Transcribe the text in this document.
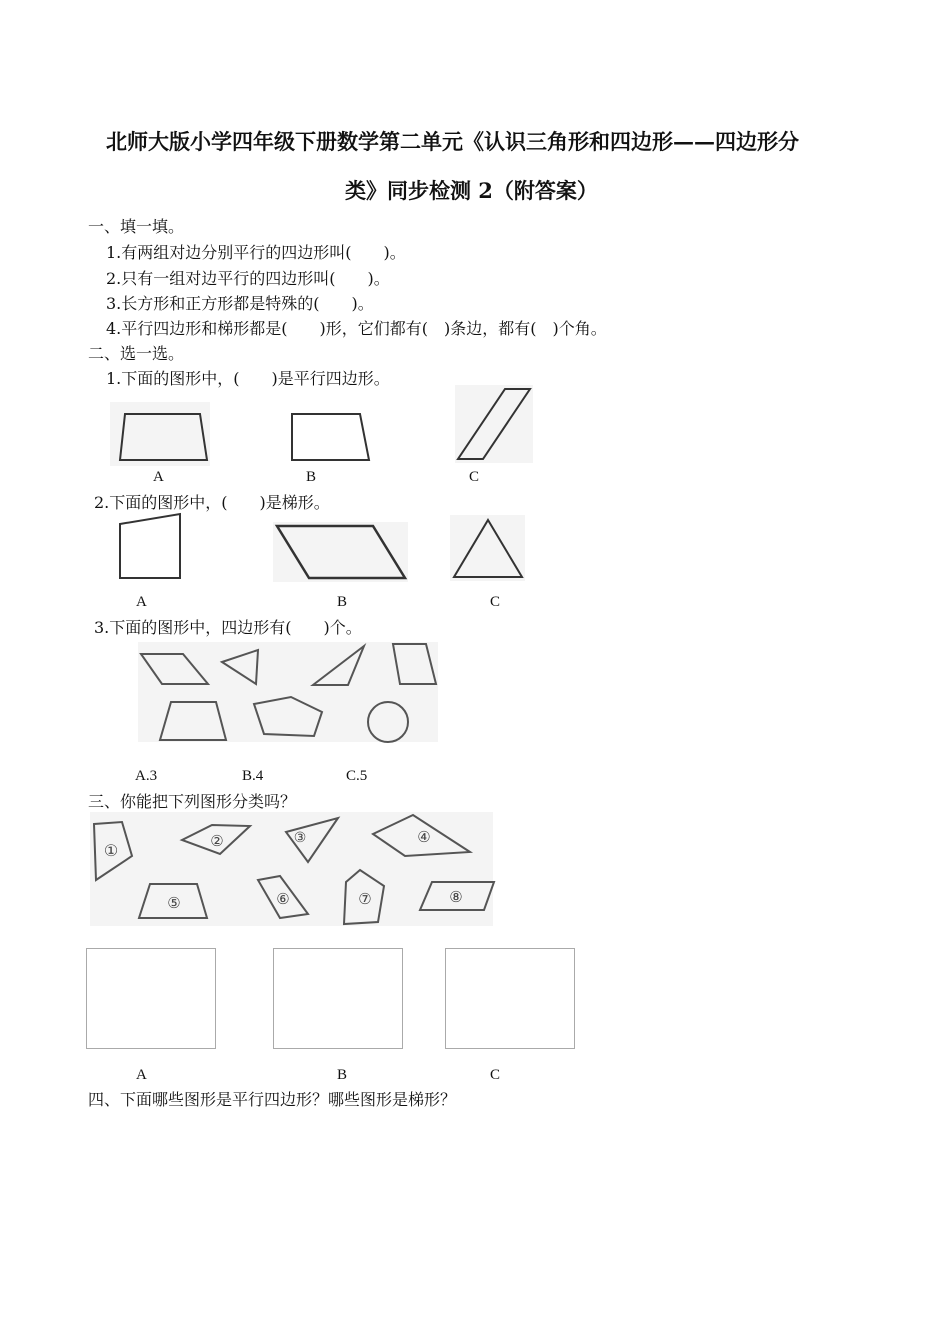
北师大版小学四年级下册数学第二单元《认识三角形和四边形——四边形分
类》同步检测 2（附答案）
一、填一填。
1.有两组对边分别平行的四边形叫(　　)。
2.只有一组对边平行的四边形叫(　　)。
3.长方形和正方形都是特殊的(　　)。
4.平行四边形和梯形都是(　　)形，它们都有(　)条边，都有(　)个角。
二、选一选。
1.下面的图形中，(　　)是平行四边形。
A	B	C
2.下面的图形中，(　　)是梯形。
A	B	C
3.下面的图形中，四边形有(　　)个。
A.3	B.4	C.5
三、你能把下列图形分类吗？
①	②	③	④
⑤	⑥	⑦	⑧
A	B	C
四、下面哪些图形是平行四边形？哪些图形是梯形？
